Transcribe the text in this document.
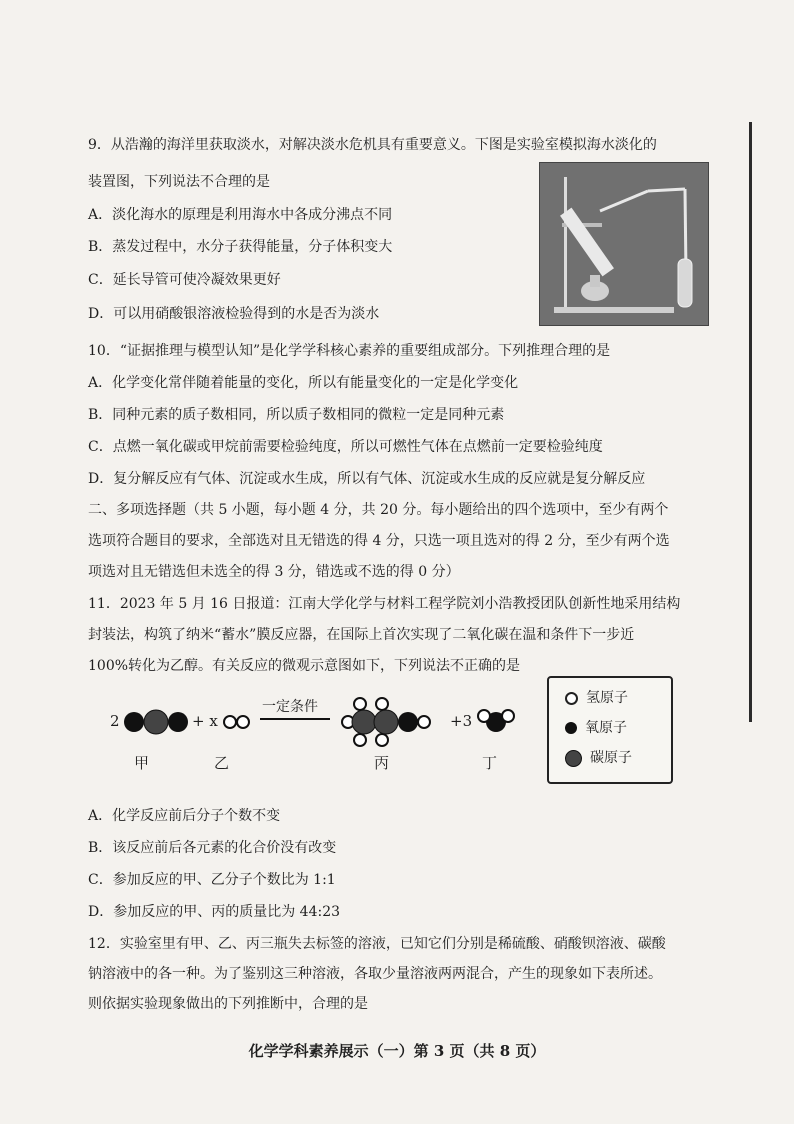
9．从浩瀚的海洋里获取淡水，对解决淡水危机具有重要意义。下图是实验室模拟海水淡化的
装置图，下列说法不合理的是
A．淡化海水的原理是利用海水中各成分沸点不同
B．蒸发过程中，水分子获得能量，分子体积变大
C．延长导管可使冷凝效果更好
D．可以用硝酸银溶液检验得到的水是否为淡水
10．“证据推理与模型认知”是化学学科核心素养的重要组成部分。下列推理合理的是
A．化学变化常伴随着能量的变化，所以有能量变化的一定是化学变化
B．同种元素的质子数相同，所以质子数相同的微粒一定是同种元素
C．点燃一氧化碳或甲烷前需要检验纯度，所以可燃性气体在点燃前一定要检验纯度
D．复分解反应有气体、沉淀或水生成，所以有气体、沉淀或水生成的反应就是复分解反应
二、多项选择题（共 5 小题，每小题 4 分，共 20 分。每小题给出的四个选项中，至少有两个
选项符合题目的要求，全部选对且无错选的得 4 分，只选一项且选对的得 2 分，至少有两个选
项选对且无错选但未选全的得 3 分，错选或不选的得 0 分）
11．2023 年 5 月 16 日报道：江南大学化学与材料工程学院刘小浩教授团队创新性地采用结构
封装法，构筑了纳米“蓄水”膜反应器，在国际上首次实现了二氧化碳在温和条件下一步近
100%转化为乙醇。有关反应的微观示意图如下，下列说法不正确的是
2	+ x
一定条件
+3
甲	乙	丙	丁
氢原子
氧原子
碳原子
A．化学反应前后分子个数不变
B．该反应前后各元素的化合价没有改变
C．参加反应的甲、乙分子个数比为 1:1
D．参加反应的甲、丙的质量比为 44:23
12．实验室里有甲、乙、丙三瓶失去标签的溶液，已知它们分别是稀硫酸、硝酸钡溶液、碳酸
钠溶液中的各一种。为了鉴别这三种溶液，各取少量溶液两两混合，产生的现象如下表所述。
则依据实验现象做出的下列推断中，合理的是
化学学科素养展示（一）第 3 页（共 8 页）
